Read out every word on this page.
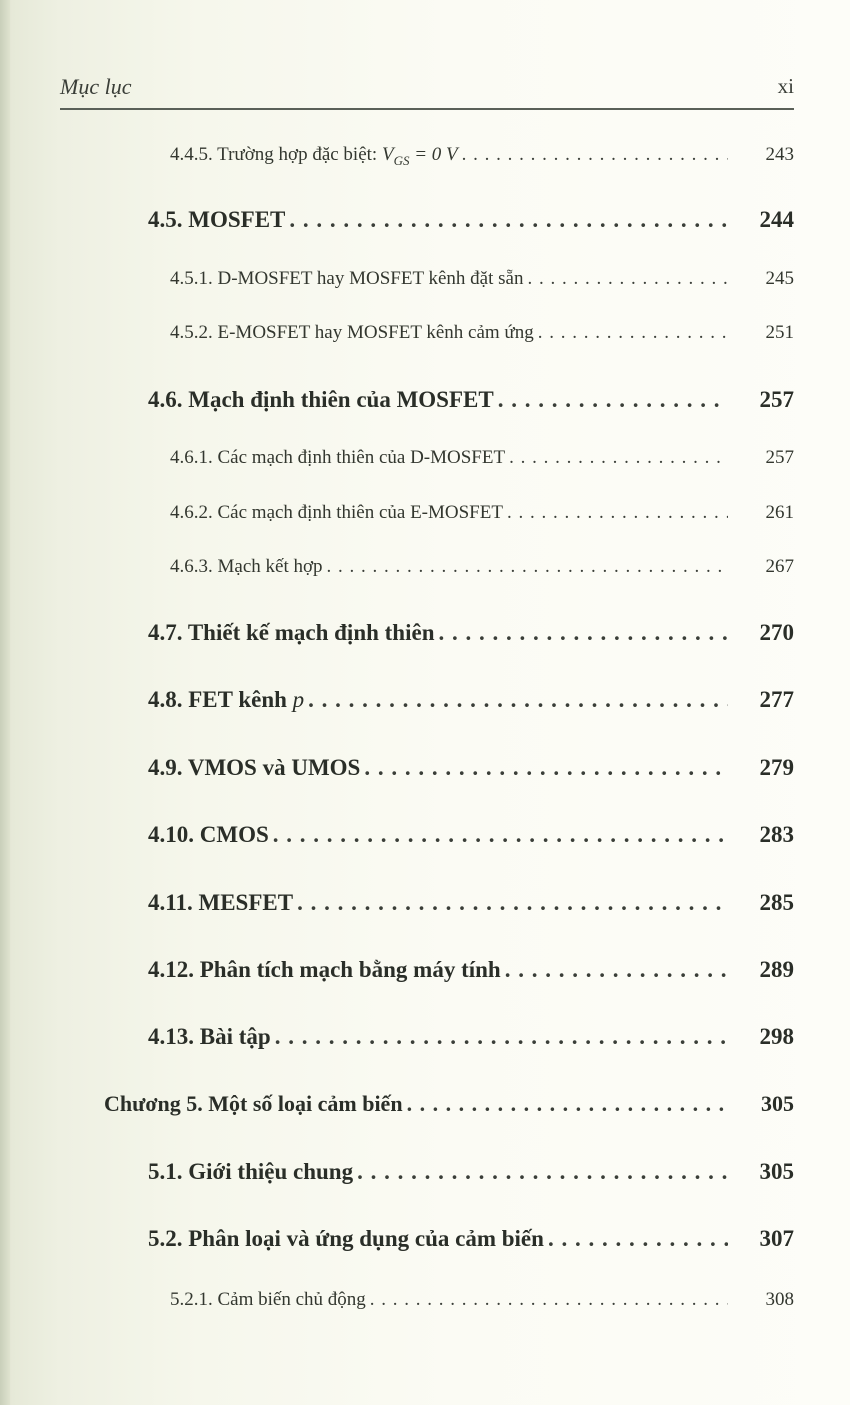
Mục lục	xi
4.4.5. Trường hợp đặc biệt: $V_{GS} = 0$ V . . .	243
4.5. MOSFET . . .	244
4.5.1. D-MOSFET hay MOSFET kênh đặt sẵn . . .	245
4.5.2. E-MOSFET hay MOSFET kênh cảm ứng . . .	251
4.6. Mạch định thiên của MOSFET . . .	257
4.6.1. Các mạch định thiên của D-MOSFET . . .	257
4.6.2. Các mạch định thiên của E-MOSFET . . .	261
4.6.3. Mạch kết hợp . . .	267
4.7. Thiết kế mạch định thiên . . .	270
4.8. FET kênh p . . .	277
4.9. VMOS và UMOS . . .	279
4.10. CMOS . . .	283
4.11. MESFET . . .	285
4.12. Phân tích mạch bằng máy tính . . .	289
4.13. Bài tập . . .	298
Chương 5. Một số loại cảm biến . . .	305
5.1. Giới thiệu chung . . .	305
5.2. Phân loại và ứng dụng của cảm biến . . .	307
5.2.1. Cảm biến chủ động . . .	308
